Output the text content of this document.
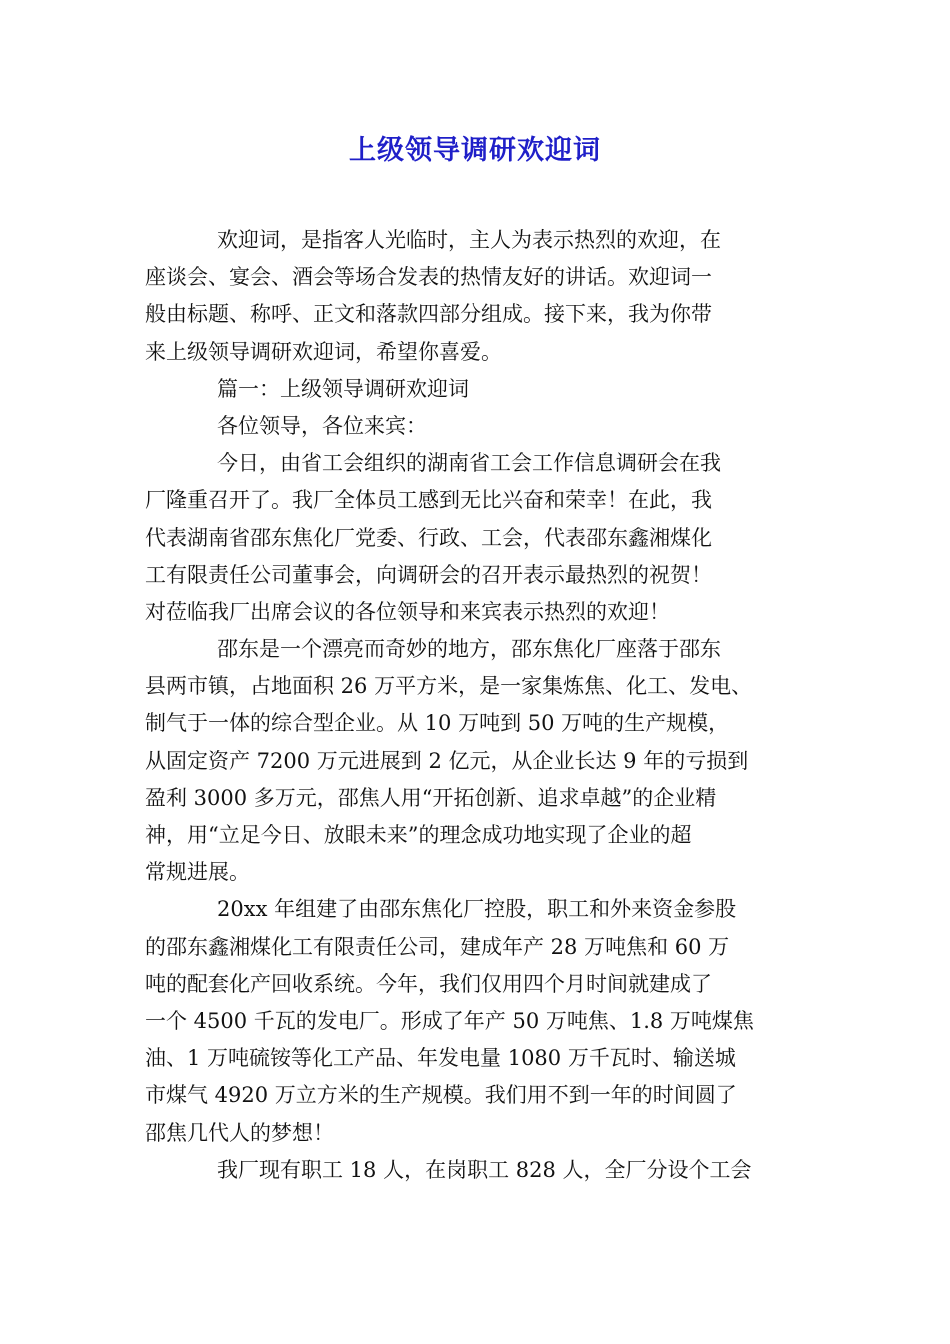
上级领导调研欢迎词
欢迎词，是指客人光临时，主人为表示热烈的欢迎，在
座谈会、宴会、酒会等场合发表的热情友好的讲话。欢迎词一
般由标题、称呼、正文和落款四部分组成。接下来，我为你带
来上级领导调研欢迎词，希望你喜爱。
篇一：上级领导调研欢迎词
各位领导，各位来宾：
今日，由省工会组织的湖南省工会工作信息调研会在我
厂隆重召开了。我厂全体员工感到无比兴奋和荣幸！在此，我
代表湖南省邵东焦化厂党委、行政、工会，代表邵东鑫湘煤化
工有限责任公司董事会，向调研会的召开表示最热烈的祝贺！
对莅临我厂出席会议的各位领导和来宾表示热烈的欢迎！
邵东是一个漂亮而奇妙的地方，邵东焦化厂座落于邵东
县两市镇，占地面积 26 万平方米，是一家集炼焦、化工、发电、
制气于一体的综合型企业。从 10 万吨到 50 万吨的生产规模，
从固定资产 7200 万元进展到 2 亿元，从企业长达 9 年的亏损到
盈利 3000 多万元，邵焦人用“开拓创新、追求卓越”的企业精
神，用“立足今日、放眼未来”的理念成功地实现了企业的超
常规进展。
20xx 年组建了由邵东焦化厂控股，职工和外来资金参股
的邵东鑫湘煤化工有限责任公司，建成年产 28 万吨焦和 60 万
吨的配套化产回收系统。今年，我们仅用四个月时间就建成了
一个 4500 千瓦的发电厂。形成了年产 50 万吨焦、1.8 万吨煤焦
油、1 万吨硫铵等化工产品、年发电量 1080 万千瓦时、输送城
市煤气 4920 万立方米的生产规模。我们用不到一年的时间圆了
邵焦几代人的梦想！
我厂现有职工 18 人，在岗职工 828 人，全厂分设个工会
